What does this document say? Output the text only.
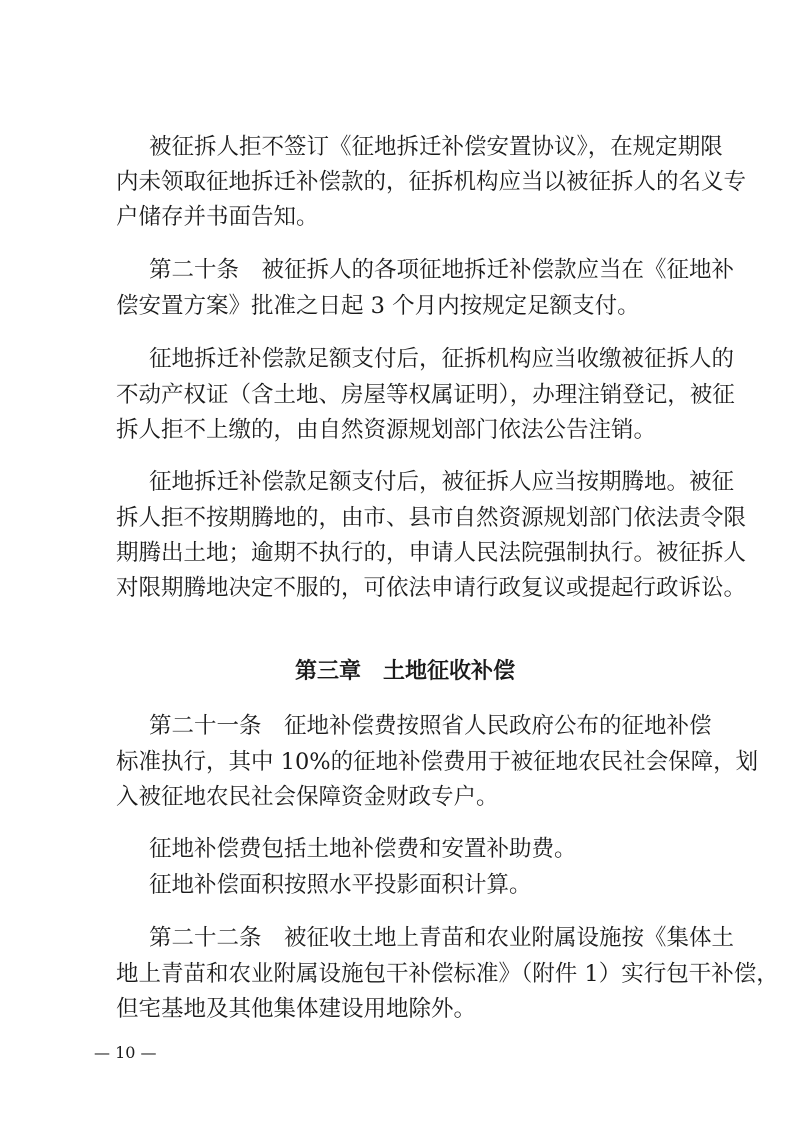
被征拆人拒不签订《征地拆迁补偿安置协议》，在规定期限
内未领取征地拆迁补偿款的，征拆机构应当以被征拆人的名义专
户储存并书面告知。
第二十条　被征拆人的各项征地拆迁补偿款应当在《征地补
偿安置方案》批准之日起 3 个月内按规定足额支付。
征地拆迁补偿款足额支付后，征拆机构应当收缴被征拆人的
不动产权证（含土地、房屋等权属证明），办理注销登记，被征
拆人拒不上缴的，由自然资源规划部门依法公告注销。
征地拆迁补偿款足额支付后，被征拆人应当按期腾地。被征
拆人拒不按期腾地的，由市、县市自然资源规划部门依法责令限
期腾出土地；逾期不执行的，申请人民法院强制执行。被征拆人
对限期腾地决定不服的，可依法申请行政复议或提起行政诉讼。
第三章　土地征收补偿
第二十一条　征地补偿费按照省人民政府公布的征地补偿
标准执行，其中 10%的征地补偿费用于被征地农民社会保障，划
入被征地农民社会保障资金财政专户。
征地补偿费包括土地补偿费和安置补助费。
征地补偿面积按照水平投影面积计算。
第二十二条　被征收土地上青苗和农业附属设施按《集体土
地上青苗和农业附属设施包干补偿标准》（附件 1）实行包干补偿，
但宅基地及其他集体建设用地除外。
— 10 —
